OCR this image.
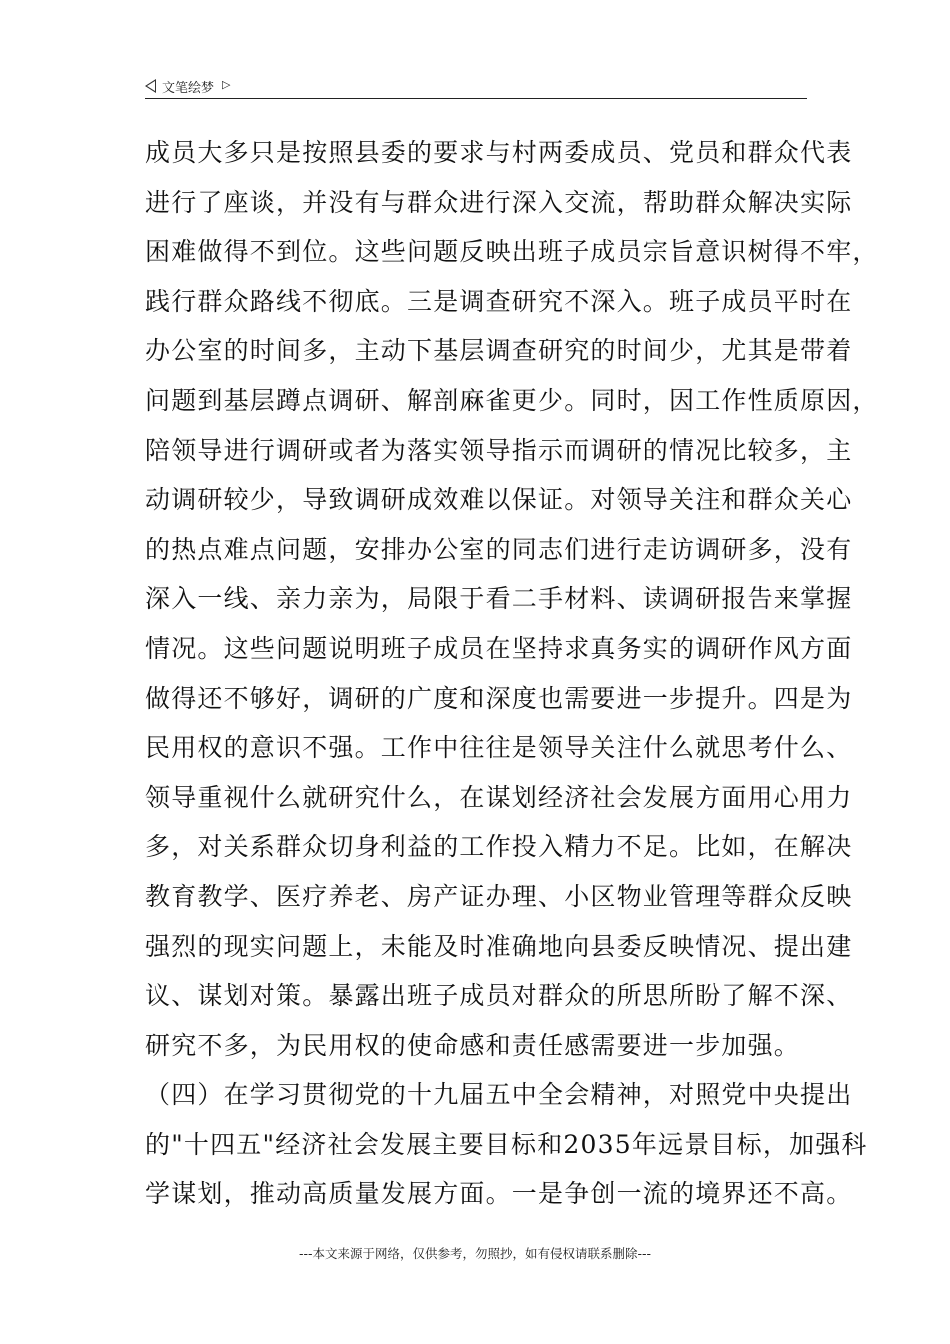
文笔绘梦 ▷
成员大多只是按照县委的要求与村两委成员、党员和群众代表
进行了座谈，并没有与群众进行深入交流，帮助群众解决实际
困难做得不到位。这些问题反映出班子成员宗旨意识树得不牢，
践行群众路线不彻底。三是调查研究不深入。班子成员平时在
办公室的时间多，主动下基层调查研究的时间少，尤其是带着
问题到基层蹲点调研、解剖麻雀更少。同时，因工作性质原因，
陪领导进行调研或者为落实领导指示而调研的情况比较多，主
动调研较少，导致调研成效难以保证。对领导关注和群众关心
的热点难点问题，安排办公室的同志们进行走访调研多，没有
深入一线、亲力亲为，局限于看二手材料、读调研报告来掌握
情况。这些问题说明班子成员在坚持求真务实的调研作风方面
做得还不够好，调研的广度和深度也需要进一步提升。四是为
民用权的意识不强。工作中往往是领导关注什么就思考什么、
领导重视什么就研究什么，在谋划经济社会发展方面用心用力
多，对关系群众切身利益的工作投入精力不足。比如，在解决
教育教学、医疗养老、房产证办理、小区物业管理等群众反映
强烈的现实问题上，未能及时准确地向县委反映情况、提出建
议、谋划对策。暴露出班子成员对群众的所思所盼了解不深、
研究不多，为民用权的使命感和责任感需要进一步加强。
（四）在学习贯彻党的十九届五中全会精神，对照党中央提出
的"十四五"经济社会发展主要目标和2035年远景目标，加强科
学谋划，推动高质量发展方面。一是争创一流的境界还不高。
---本文来源于网络，仅供参考，勿照抄，如有侵权请联系删除---
